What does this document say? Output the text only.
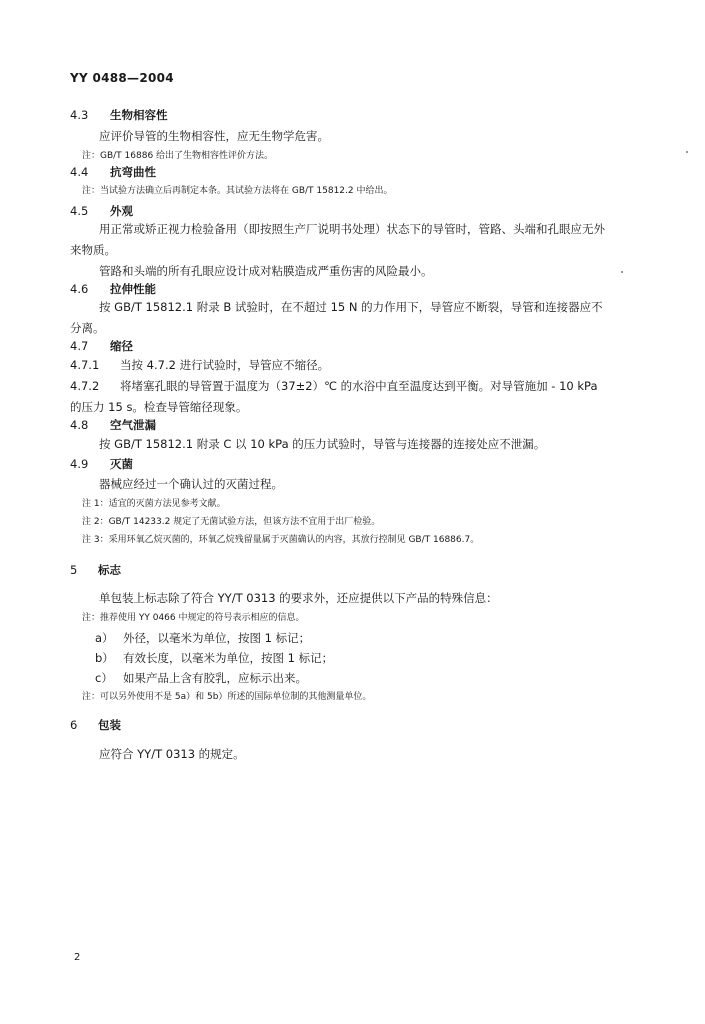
YY 0488—2004
4.3 生物相容性
应评价导管的生物相容性，应无生物学危害。
注：GB/T 16886 给出了生物相容性评价方法。
4.4 抗弯曲性
注：当试验方法确立后再制定本条。其试验方法将在 GB/T 15812.2 中给出。
4.5 外观
用正常或矫正视力检验备用（即按照生产厂说明书处理）状态下的导管时，管路、头端和孔眼应无外
来物质。
管路和头端的所有孔眼应设计成对粘膜造成严重伤害的风险最小。
4.6 拉伸性能
按 GB/T 15812.1 附录 B 试验时，在不超过 15 N 的力作用下，导管应不断裂，导管和连接器应不
分离。
4.7 缩径
4.7.1 当按 4.7.2 进行试验时，导管应不缩径。
4.7.2 将堵塞孔眼的导管置于温度为（37±2）℃ 的水浴中直至温度达到平衡。对导管施加 - 10 kPa
的压力 15 s。检查导管缩径现象。
4.8 空气泄漏
按 GB/T 15812.1 附录 C 以 10 kPa 的压力试验时，导管与连接器的连接处应不泄漏。
4.9 灭菌
器械应经过一个确认过的灭菌过程。
注 1：适宜的灭菌方法见参考文献。
注 2：GB/T 14233.2 规定了无菌试验方法，但该方法不宜用于出厂检验。
注 3：采用环氧乙烷灭菌的，环氧乙烷残留量属于灭菌确认的内容，其放行控制见 GB/T 16886.7。
5 标志
单包装上标志除了符合 YY/T 0313 的要求外，还应提供以下产品的特殊信息：
注：推荐使用 YY 0466 中规定的符号表示相应的信息。
a） 外径，以毫米为单位，按图 1 标记；
b） 有效长度，以毫米为单位，按图 1 标记；
c） 如果产品上含有胶乳，应标示出来。
注：可以另外使用不是 5a）和 5b）所述的国际单位制的其他测量单位。
6 包装
应符合 YY/T 0313 的规定。
2
